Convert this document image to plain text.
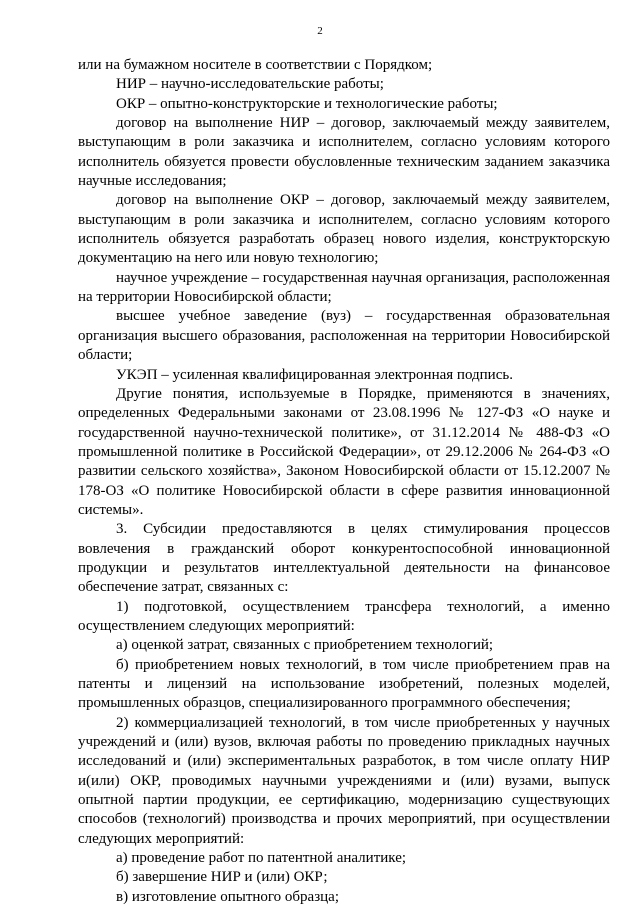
2

или на бумажном носителе в соответствии с Порядком;

НИР – научно-исследовательские работы;

ОКР – опытно-конструкторские и технологические работы;

договор на выполнение НИР – договор, заключаемый между заявителем, выступающим в роли заказчика и исполнителем, согласно условиям которого исполнитель обязуется провести обусловленные техническим заданием заказчика научные исследования;

договор на выполнение ОКР – договор, заключаемый между заявителем, выступающим в роли заказчика и исполнителем, согласно условиям которого исполнитель обязуется разработать образец нового изделия, конструкторскую документацию на него или новую технологию;

научное учреждение – государственная научная организация, расположенная на территории Новосибирской области;

высшее учебное заведение (вуз) – государственная образовательная организация высшего образования, расположенная на территории Новосибирской области;

УКЭП – усиленная квалифицированная электронная подпись.

Другие понятия, используемые в Порядке, применяются в значениях, определенных Федеральными законами от 23.08.1996 № 127-ФЗ «О науке и государственной научно-технической политике», от 31.12.2014 № 488-ФЗ «О промышленной политике в Российской Федерации», от 29.12.2006 № 264-ФЗ «О развитии сельского хозяйства», Законом Новосибирской области от 15.12.2007 № 178-ОЗ «О политике Новосибирской области в сфере развития инновационной системы».

3. Субсидии предоставляются в целях стимулирования процессов вовлечения в гражданский оборот конкурентоспособной инновационной продукции и результатов интеллектуальной деятельности на финансовое обеспечение затрат, связанных с:

1) подготовкой, осуществлением трансфера технологий, а именно осуществлением следующих мероприятий:

а) оценкой затрат, связанных с приобретением технологий;

б) приобретением новых технологий, в том числе приобретением прав на патенты и лицензий на использование изобретений, полезных моделей, промышленных образцов, специализированного программного обеспечения;

2) коммерциализацией технологий, в том числе приобретенных у научных учреждений и (или) вузов, включая работы по проведению прикладных научных исследований и (или) экспериментальных разработок, в том числе оплату НИР и(или) ОКР, проводимых научными учреждениями и (или) вузами, выпуск опытной партии продукции, ее сертификацию, модернизацию существующих способов (технологий) производства и прочих мероприятий, при осуществлении следующих мероприятий:

а) проведение работ по патентной аналитике;

б) завершение НИР и (или) ОКР;

в) изготовление опытного образца;
